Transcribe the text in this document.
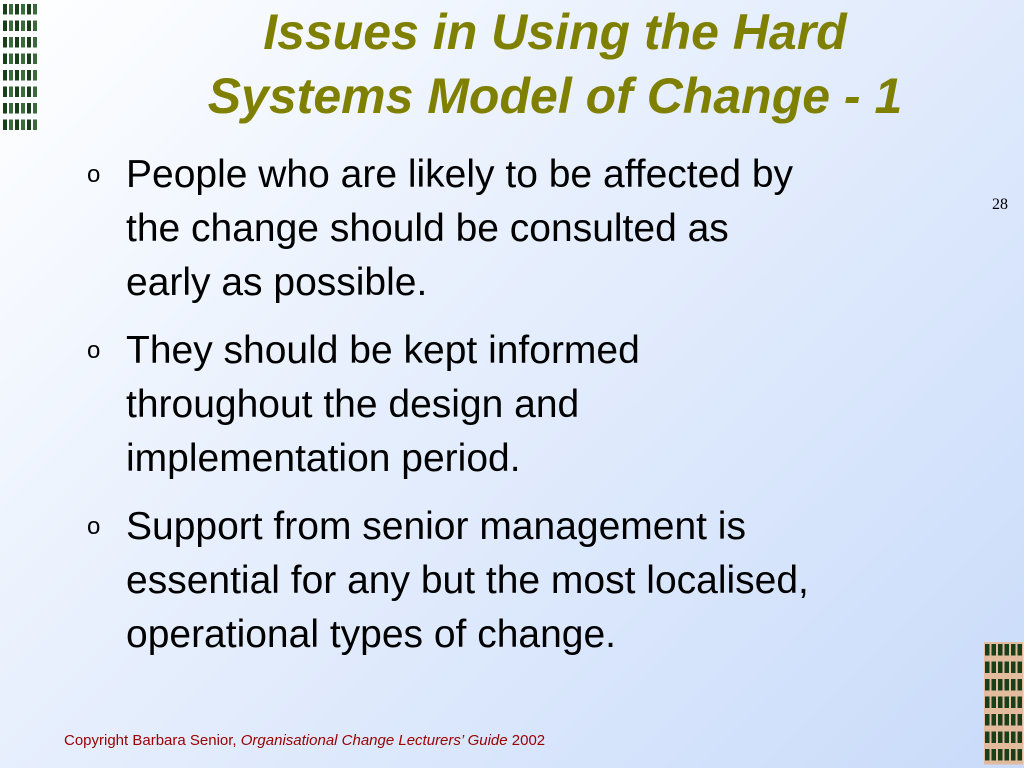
Issues in Using the Hard
Systems Model of Change - 1
28
o People who are likely to be affected by
the change should be consulted as
early as possible.
o They should be kept informed
throughout the design and
implementation period.
o Support from senior management is
essential for any but the most localised,
operational types of change.
Copyright Barbara Senior, Organisational Change Lecturers’ Guide 2002
